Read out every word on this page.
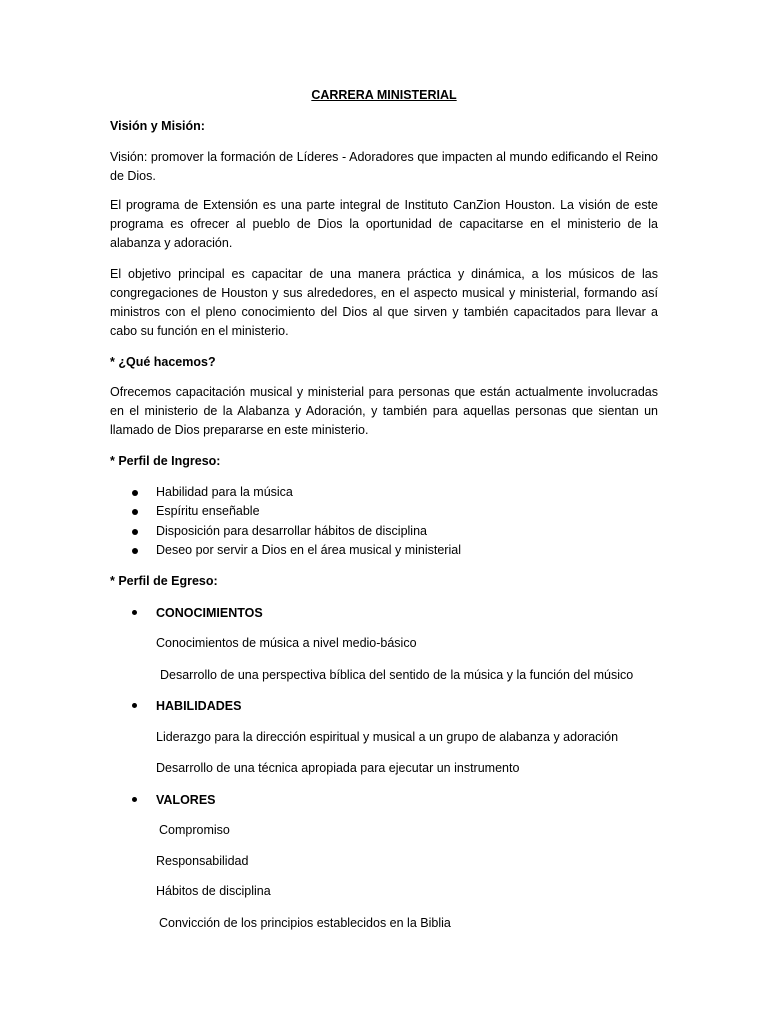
CARRERA MINISTERIAL

Visión y Misión:

Visión: promover la formación de Líderes - Adoradores que impacten al mundo edificando el Reino de Dios.

El programa de Extensión es una parte integral de Instituto CanZion Houston. La visión de este programa es ofrecer al pueblo de Dios la oportunidad de capacitarse en el ministerio de la alabanza y adoración.

El objetivo principal es capacitar de una manera práctica y dinámica, a los músicos de las congregaciones de Houston y sus alrededores, en el aspecto musical y ministerial, formando así ministros con el pleno conocimiento del Dios al que sirven y también capacitados para llevar a cabo su función en el ministerio.

* ¿Qué hacemos?

Ofrecemos capacitación musical y ministerial para personas que están actualmente involucradas en el ministerio de la Alabanza y Adoración, y también para aquellas personas que sientan un llamado de Dios prepararse en este ministerio.

* Perfil de Ingreso:

Habilidad para la música
Espíritu enseñable
Disposición para desarrollar hábitos de disciplina
Deseo por servir a Dios en el área musical y ministerial

* Perfil de Egreso:

CONOCIMIENTOS
Conocimientos de música a nivel medio-básico
Desarrollo de una perspectiva bíblica del sentido de la música y la función del músico
HABILIDADES
Liderazgo para la dirección espiritual y musical a un grupo de alabanza y adoración
Desarrollo de una técnica apropiada para ejecutar un instrumento
VALORES
Compromiso
Responsabilidad
Hábitos de disciplina
Convicción de los principios establecidos en la Biblia
